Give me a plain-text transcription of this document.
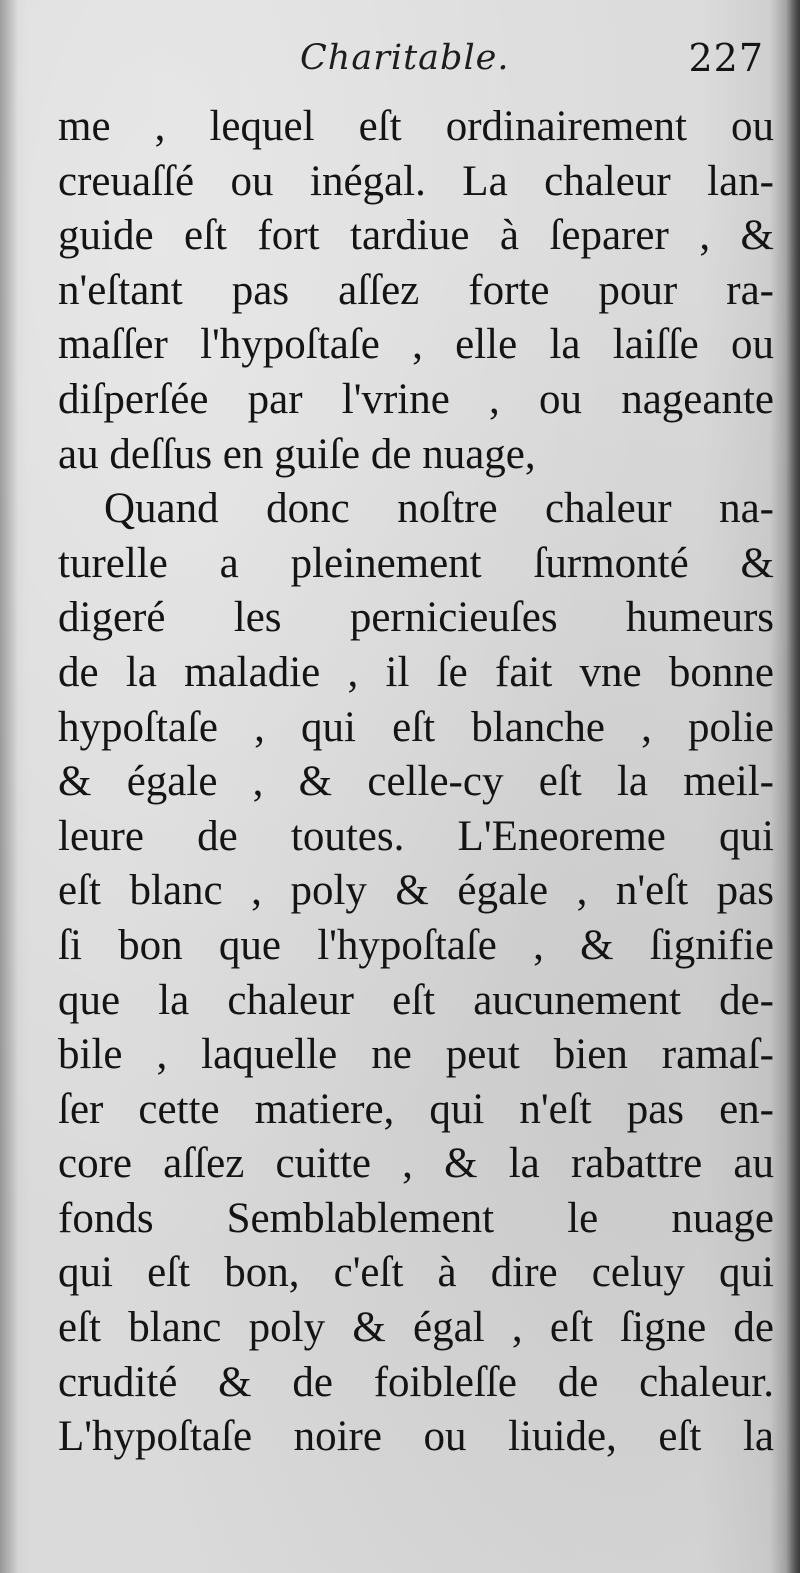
Charitable.	227
me , lequel eſt ordinairement ou
creuaſſé ou inégal. La chaleur lan-
guide eſt fort tardiue à ſeparer , &
n'eſtant pas aſſez forte pour ra-
maſſer l'hypoſtaſe , elle la laiſſe ou
diſperſée par l'vrine , ou nageante
au deſſus en guiſe de nuage,
Quand donc noſtre chaleur na-
turelle a pleinement ſurmonté &
digeré les pernicieuſes humeurs
de la maladie , il ſe fait vne bonne
hypoſtaſe , qui eſt blanche , polie
& égale , & celle-cy eſt la meil-
leure de toutes. L'Eneoreme qui
eſt blanc , poly & égale , n'eſt pas
ſi bon que l'hypoſtaſe , & ſignifie
que la chaleur eſt aucunement de-
bile , laquelle ne peut bien ramaſ-
ſer cette matiere, qui n'eſt pas en-
core aſſez cuitte , & la rabattre au
fonds Semblablement le nuage
qui eſt bon, c'eſt à dire celuy qui
eſt blanc poly & égal , eſt ſigne de
crudité & de foibleſſe de chaleur.
L'hypoſtaſe noire ou liuide, eſt la
